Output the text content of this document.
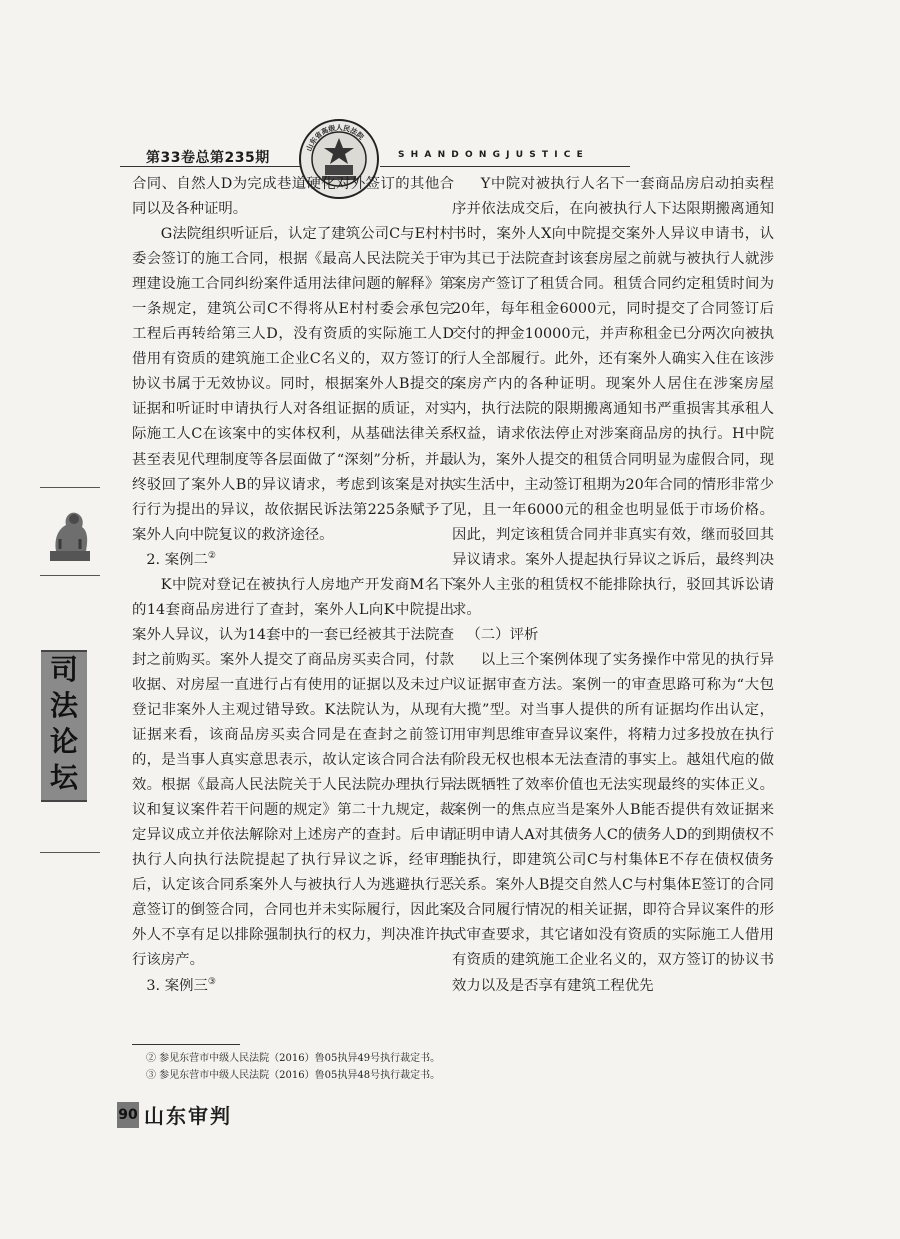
第33卷总第235期	SHANDONGJUSTICE
山东省高级人民法院

合同、自然人D为完成巷道硬化对外签订的其他合同以及各种证明。

G法院组织听证后，认定了建筑公司C与E村村委会签订的施工合同，根据《最高人民法院关于审理建设施工合同纠纷案件适用法律问题的解释》第一条规定，建筑公司C不得将从E村村委会承包完工程后再转给第三人D，没有资质的实际施工人D借用有资质的建筑施工企业C名义的，双方签订的协议书属于无效协议。同时，根据案外人B提交的证据和听证时申请执行人对各组证据的质证，对实际施工人C在该案中的实体权利，从基础法律关系甚至表见代理制度等各层面做了“深刻”分析，并最终驳回了案外人B的异议请求，考虑到该案是对执行行为提出的异议，故依据民诉法第225条赋予了案外人向中院复议的救济途径。

2. 案例二②

K中院对登记在被执行人房地产开发商M名下的14套商品房进行了查封，案外人L向K中院提出案外人异议，认为14套中的一套已经被其于法院查封之前购买。案外人提交了商品房买卖合同，付款收据、对房屋一直进行占有使用的证据以及未过户登记非案外人主观过错导致。K法院认为，从现有证据来看，该商品房买卖合同是在查封之前签订的，是当事人真实意思表示，故认定该合同合法有效。根据《最高人民法院关于人民法院办理执行异议和复议案件若干问题的规定》第二十九规定，裁定异议成立并依法解除对上述房产的查封。后申请执行人向执行法院提起了执行异议之诉，经审理后，认定该合同系案外人与被执行人为逃避执行恶意签订的倒签合同，合同也并未实际履行，因此案外人不享有足以排除强制执行的权力，判决准许执行该房产。

3. 案例三③

Y中院对被执行人名下一套商品房启动拍卖程序并依法成交后，在向被执行人下达限期搬离通知书时，案外人X向中院提交案外人异议申请书，认为其已于法院查封该套房屋之前就与被执行人就涉案房产签订了租赁合同。租赁合同约定租赁时间为20年，每年租金6000元，同时提交了合同签订后交付的押金10000元，并声称租金已分两次向被执行人全部履行。此外，还有案外人确实入住在该涉案房产内的各种证明。现案外人居住在涉案房屋内，执行法院的限期搬离通知书严重损害其承租人权益，请求依法停止对涉案商品房的执行。H中院认为，案外人提交的租赁合同明显为虚假合同，现实生活中，主动签订租期为20年合同的情形非常少见，且一年6000元的租金也明显低于市场价格。因此，判定该租赁合同并非真实有效，继而驳回其异议请求。案外人提起执行异议之诉后，最终判决案外人主张的租赁权不能排除执行，驳回其诉讼请求。

（二）评析

以上三个案例体现了实务操作中常见的执行异议证据审查方法。案例一的审查思路可称为“大包大揽”型。对当事人提供的所有证据均作出认定，用审判思维审查异议案件，将精力过多投放在执行阶段无权也根本无法查清的事实上。越俎代庖的做法既牺牲了效率价值也无法实现最终的实体正义。案例一的焦点应当是案外人B能否提供有效证据来证明申请人A对其债务人C的债务人D的到期债权不能执行，即建筑公司C与村集体E不存在债权债务关系。案外人B提交自然人C与村集体E签订的合同及合同履行情况的相关证据，即符合异议案件的形式审查要求，其它诸如没有资质的实际施工人借用有资质的建筑施工企业名义的，双方签订的协议书效力以及是否享有建筑工程优先

司
法
论
坛
② 参见东营市中级人民法院（2016）鲁05执异49号执行裁定书。
③ 参见东营市中级人民法院（2016）鲁05执异48号执行裁定书。
90 山东审判
